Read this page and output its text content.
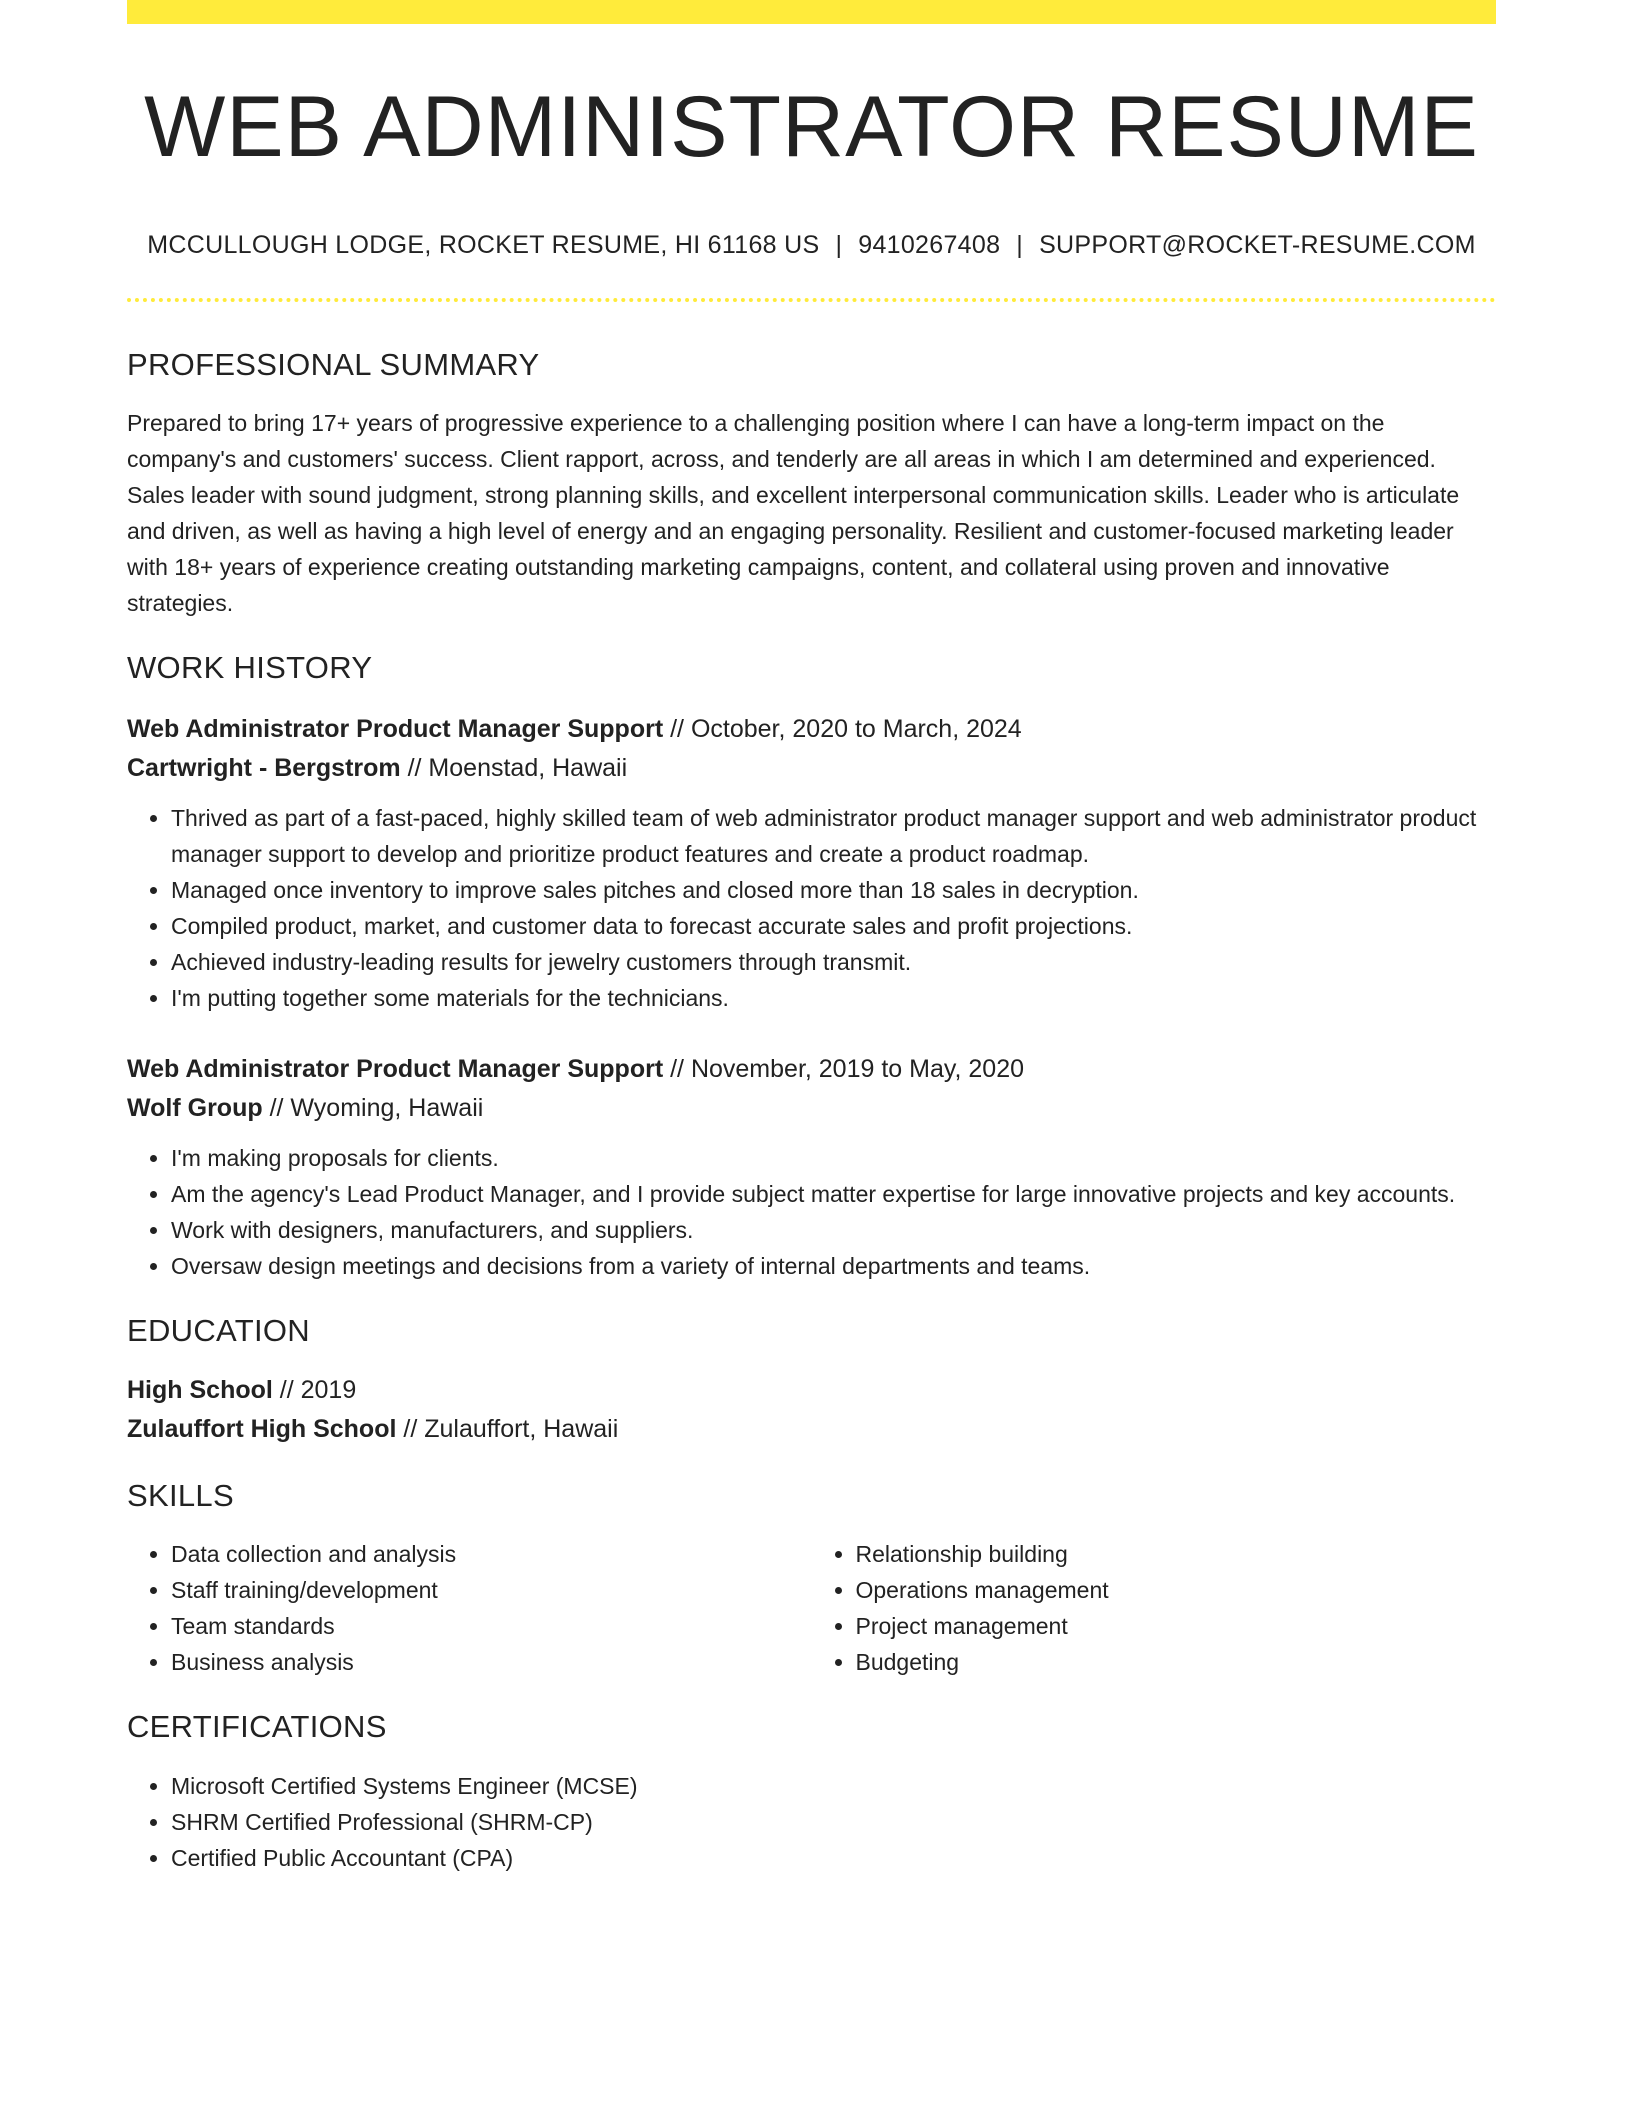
WEB ADMINISTRATOR RESUME
MCCULLOUGH LODGE, ROCKET RESUME, HI 61168 US | 9410267408 | SUPPORT@ROCKET-RESUME.COM
PROFESSIONAL SUMMARY

Prepared to bring 17+ years of progressive experience to a challenging position where I can have a long-term impact on the company's and customers' success. Client rapport, across, and tenderly are all areas in which I am determined and experienced. Sales leader with sound judgment, strong planning skills, and excellent interpersonal communication skills. Leader who is articulate and driven, as well as having a high level of energy and an engaging personality. Resilient and customer-focused marketing leader with 18+ years of experience creating outstanding marketing campaigns, content, and collateral using proven and innovative strategies.

WORK HISTORY
Web Administrator Product Manager Support // October, 2020 to March, 2024
Cartwright - Bergstrom // Moenstad, Hawaii
• Thrived as part of a fast-paced, highly skilled team of web administrator product manager support and web administrator product manager support to develop and prioritize product features and create a product roadmap.
• Managed once inventory to improve sales pitches and closed more than 18 sales in decryption.
• Compiled product, market, and customer data to forecast accurate sales and profit projections.
• Achieved industry-leading results for jewelry customers through transmit.
• I'm putting together some materials for the technicians.
Web Administrator Product Manager Support // November, 2019 to May, 2020
Wolf Group // Wyoming, Hawaii
• I'm making proposals for clients.
• Am the agency's Lead Product Manager, and I provide subject matter expertise for large innovative projects and key accounts.
• Work with designers, manufacturers, and suppliers.
• Oversaw design meetings and decisions from a variety of internal departments and teams.
EDUCATION
High School // 2019
Zulauffort High School // Zulauffort, Hawaii
SKILLS
• Data collection and analysis
• Staff training/development
• Team standards
• Business analysis
• Relationship building
• Operations management
• Project management
• Budgeting
CERTIFICATIONS
• Microsoft Certified Systems Engineer (MCSE)
• SHRM Certified Professional (SHRM-CP)
• Certified Public Accountant (CPA)
